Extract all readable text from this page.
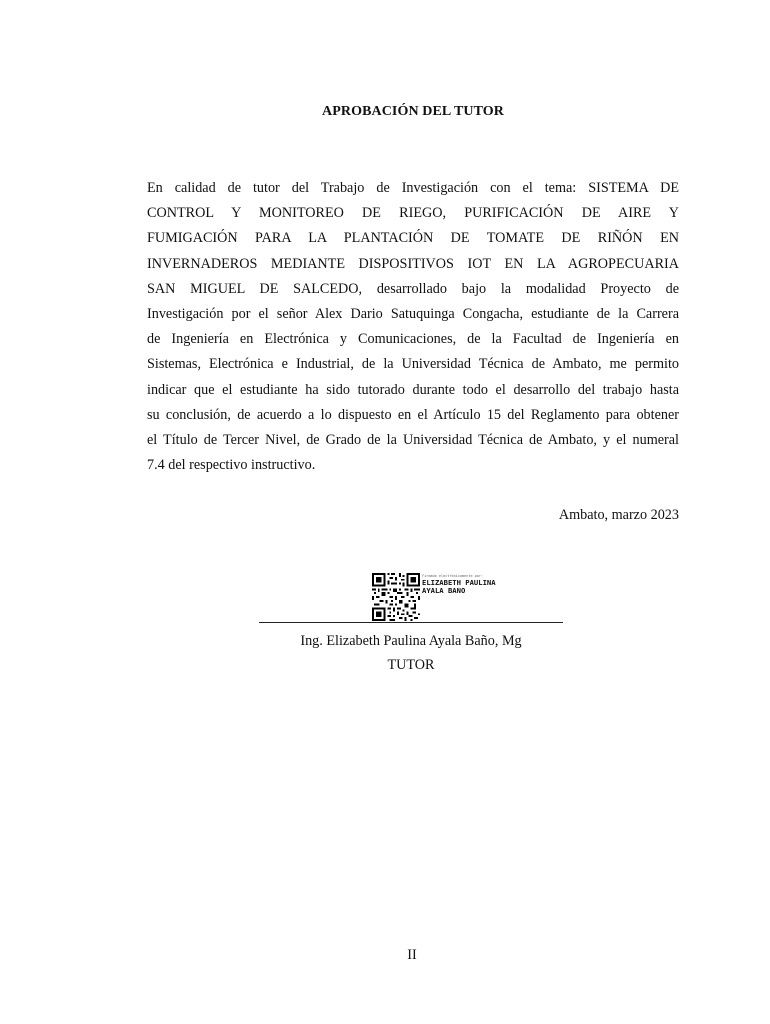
APROBACIÓN DEL TUTOR
En calidad de tutor del Trabajo de Investigación con el tema: SISTEMA DE
CONTROL Y MONITOREO DE RIEGO, PURIFICACIÓN DE AIRE Y
FUMIGACIÓN PARA LA PLANTACIÓN DE TOMATE DE RIÑÓN EN
INVERNADEROS MEDIANTE DISPOSITIVOS IOT EN LA AGROPECUARIA
SAN MIGUEL DE SALCEDO, desarrollado bajo la modalidad Proyecto de
Investigación por el señor Alex Dario Satuquinga Congacha, estudiante de la Carrera
de Ingeniería en Electrónica y Comunicaciones, de la Facultad de Ingeniería en
Sistemas, Electrónica e Industrial, de la Universidad Técnica de Ambato, me permito
indicar que el estudiante ha sido tutorado durante todo el desarrollo del trabajo hasta
su conclusión, de acuerdo a lo dispuesto en el Artículo 15 del Reglamento para obtener
el Título de Tercer Nivel, de Grado de la Universidad Técnica de Ambato, y el numeral
7.4 del respectivo instructivo.
Ambato, marzo 2023
Firmado electrónicamente por:
ELIZABETH PAULINA
AYALA BANO
Ing. Elizabeth Paulina Ayala Baño, Mg
TUTOR
II
